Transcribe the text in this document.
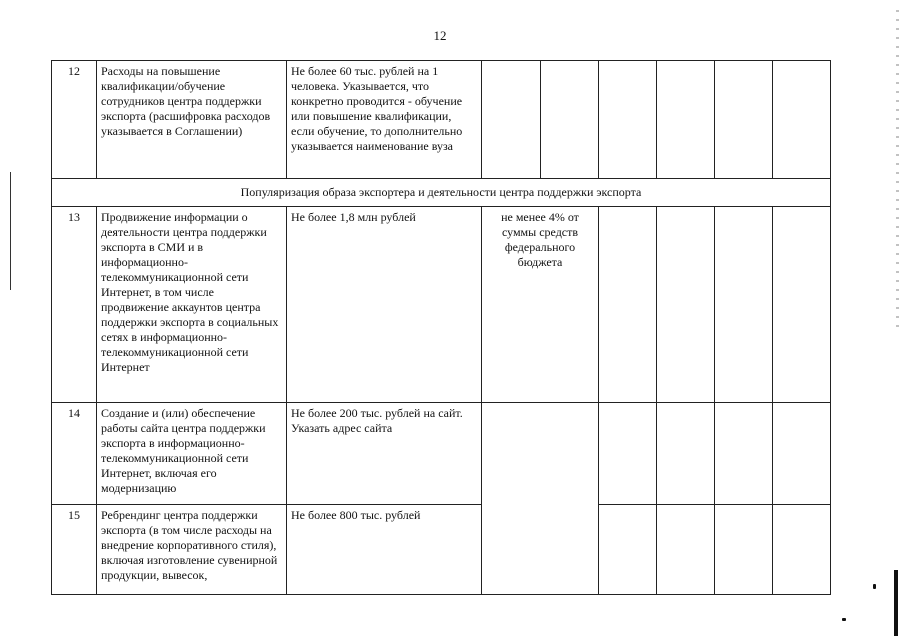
12
12	Расходы на повышение квалификации/обучение сотрудников центра поддержки экспорта (расшифровка расходов указывается в Соглашении)	Не более 60 тыс. рублей на 1 человека. Указывается, что конкретно проводится - обучение или повышение квалификации, если обучение, то дополнительно указывается наименование вуза						
Популяризация образа экспортера и деятельности центра поддержки экспорта								
13	Продвижение информации о деятельности центра поддержки экспорта в СМИ и в информационно-телекоммуникационной сети Интернет, в том числе продвижение аккаунтов центра поддержки экспорта в социальных сетях в информационно-телекоммуникационной сети Интернет	Не более 1,8 млн рублей	не менее 4% от суммы средств федерального бюджета					
14	Создание и (или) обеспечение работы сайта центра поддержки экспорта в информационно-телекоммуникационной сети Интернет, включая его модернизацию	Не более 200 тыс. рублей на сайт. Указать адрес сайта						
15	Ребрендинг центра поддержки экспорта (в том числе расходы на внедрение корпоративного стиля), включая изготовление сувенирной продукции, вывесок,	Не более 800 тыс. рублей						
